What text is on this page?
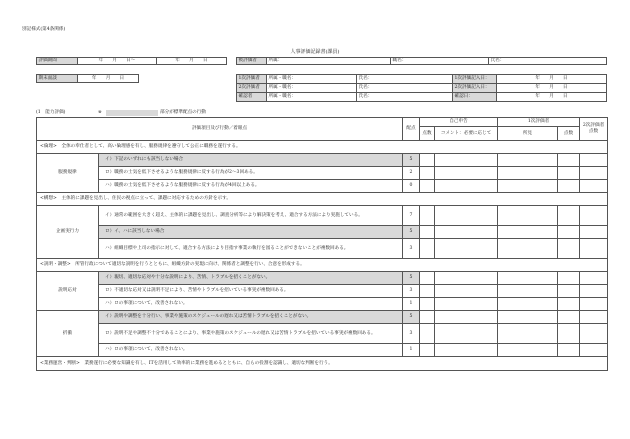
別記様式(第4条関係)
人事評価記録書(課員)
評価期間	年　　月　　日〜	年　　月　　日	被評価者	所属：	職名：	氏名：
期末面談	年　　月　　日	1次評価者	所属・職名：	氏名：	1次評価記入日：	年　　月　　日
2次評価者	所属・職名：	氏名：	2次評価記入日：	年　　月　　日
確認者	所属・職名：	氏名：	確認日：	年　　月　　日
(1　能力評価)	※	部分が標準配点の行動
評価項目及び行動／着眼点		配点	自己申告		1次評価者		2次評価者点数
			点数	コメント：必要に応じて	所見	点数	
<倫理>　全体の奉仕者として、高い倫理感を有し、服務規律を遵守して公正に職務を遂行する。							
服務規律	イ）下記のいずれにも該当しない場合	5					
	ロ）職務の士気を低下させるような服務規律に反する行為が2〜3回ある。	2					
	ハ）職務の士気を低下させるような服務規律に反する行為が4回以上ある。	0					
<構想>　主体的に課題を見出し、住民の視点に立って、課題に対応するための方針を示す。							
企画実行力	イ）通常の範囲を大きく超え、主体的に課題を見出し、調査分析等により解決策を考え、適合する方法により実施している。	7					
	ロ）イ、ハに該当しない場合	5					
	ハ）組織目標や上司の指示に対して、適合する方法により目指す事業の執行を図ることができないことが複数回ある。	3					
<説明・調整>　所管行政について適切な説明を行うとともに、組織方針の実現に向け、関係者と調整を行い、合意を形成する。							
説明応対	イ）親切、適切な応対や十分な説明により、苦情、トラブルを招くことがない。	5					
	ロ）不適切な応対又は説明不足により、苦情やトラブルを招いている事実が複数回ある。	3					
	ハ）ロの事項について、改善されない。	1					
折衝	イ）説明や調整を十分行い、事業や施策のスケジュールの遅れ又は苦情トラブルを招くことがない。	5					
	ロ）説明不足や調整不十分であることにより、事業や施策のスケジュールの遅れ又は苦情トラブルを招いている事実が複数回ある。	3					
	ハ）ロの事項について、改善されない。	1					
<業務運営・判断>　業務遂行に必要な知識を有し、ITを活用して効率的に業務を進めるとともに、自らの役割を認識し、適切な判断を行う。							
